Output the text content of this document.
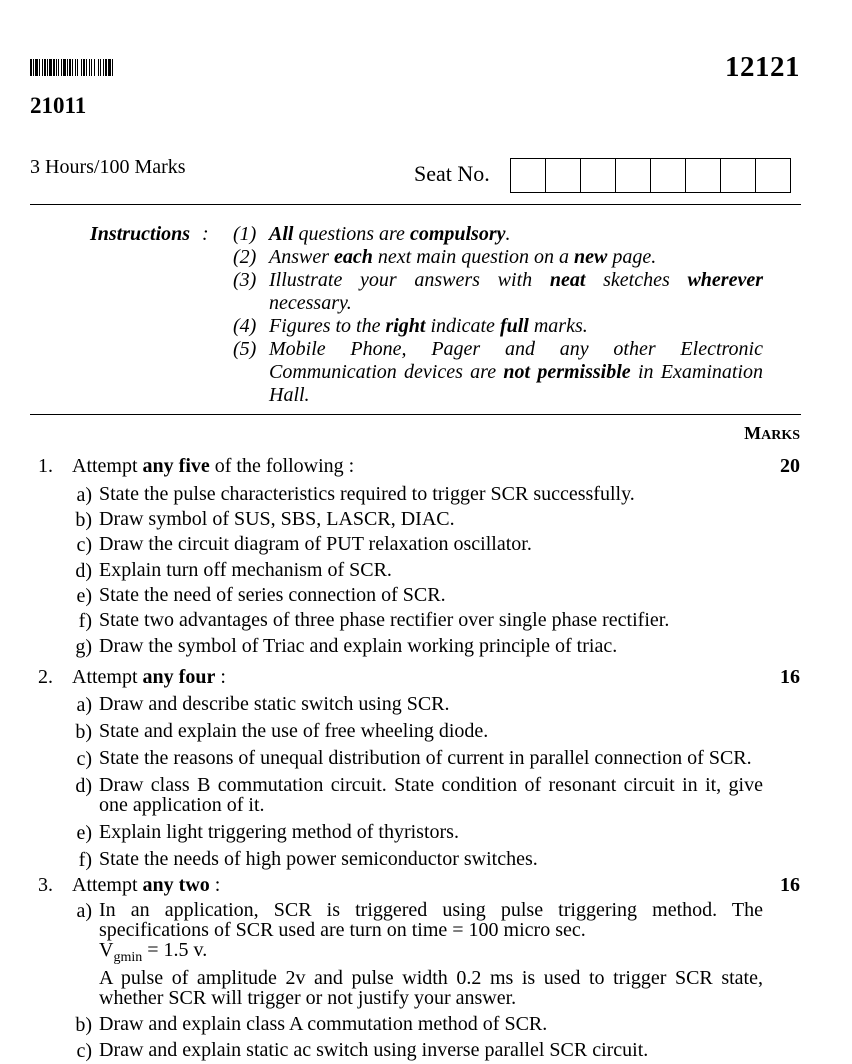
12121
21011
3 Hours/100 Marks	Seat No.
Instructions : (1) All questions are compulsory.
(2) Answer each next main question on a new page.
(3) Illustrate your answers with neat sketches wherever necessary.
(4) Figures to the right indicate full marks.
(5) Mobile Phone, Pager and any other Electronic Communication devices are not permissible in Examination Hall.
MARKS
1. Attempt any five of the following :	20
a) State the pulse characteristics required to trigger SCR successfully.
b) Draw symbol of SUS, SBS, LASCR, DIAC.
c) Draw the circuit diagram of PUT relaxation oscillator.
d) Explain turn off mechanism of SCR.
e) State the need of series connection of SCR.
f) State two advantages of three phase rectifier over single phase rectifier.
g) Draw the symbol of Triac and explain working principle of triac.
2. Attempt any four :	16
a) Draw and describe static switch using SCR.
b) State and explain the use of free wheeling diode.
c) State the reasons of unequal distribution of current in parallel connection of SCR.
d) Draw class B commutation circuit. State condition of resonant circuit in it, give one application of it.
e) Explain light triggering method of thyristors.
f) State the needs of high power semiconductor switches.
3. Attempt any two :	16
a) In an application, SCR is triggered using pulse triggering method. The specifications of SCR used are turn on time = 100 micro sec.
$V_{gmin} = 1.5$ v.
A pulse of amplitude 2v and pulse width 0.2 ms is used to trigger SCR state, whether SCR will trigger or not justify your answer.
b) Draw and explain class A commutation method of SCR.
c) Draw and explain static ac switch using inverse parallel SCR circuit.
